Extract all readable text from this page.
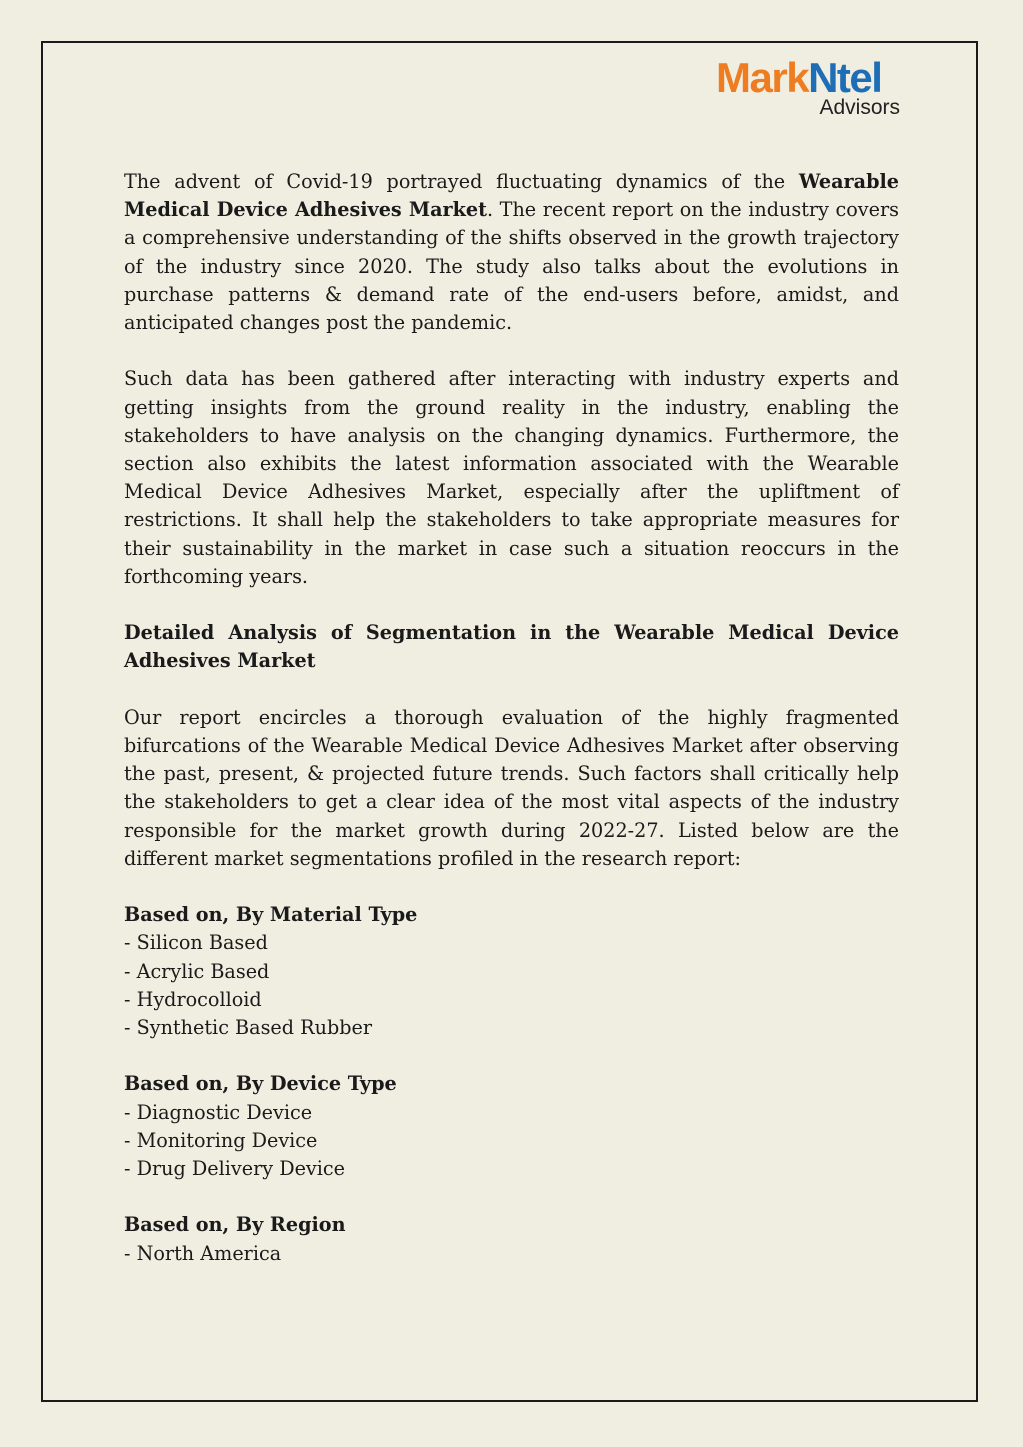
MarkNtel
Advisors

The advent of Covid-19 portrayed fluctuating dynamics of the Wearable Medical Device Adhesives Market. The recent report on the industry covers a comprehensive understanding of the shifts observed in the growth trajectory of the industry since 2020. The study also talks about the evolutions in purchase patterns & demand rate of the end-users before, amidst, and anticipated changes post the pandemic.

Such data has been gathered after interacting with industry experts and getting insights from the ground reality in the industry, enabling the stakeholders to have analysis on the changing dynamics. Furthermore, the section also exhibits the latest information associated with the Wearable Medical Device Adhesives Market, especially after the upliftment of restrictions. It shall help the stakeholders to take appropriate measures for their sustainability in the market in case such a situation reoccurs in the forthcoming years.

Detailed Analysis of Segmentation in the Wearable Medical Device Adhesives Market

Our report encircles a thorough evaluation of the highly fragmented bifurcations of the Wearable Medical Device Adhesives Market after observing the past, present, & projected future trends. Such factors shall critically help the stakeholders to get a clear idea of the most vital aspects of the industry responsible for the market growth during 2022-27. Listed below are the different market segmentations profiled in the research report:

Based on, By Material Type

- Silicon Based
- Acrylic Based
- Hydrocolloid
- Synthetic Based Rubber

Based on, By Device Type

- Diagnostic Device
- Monitoring Device
- Drug Delivery Device

Based on, By Region

- North America
